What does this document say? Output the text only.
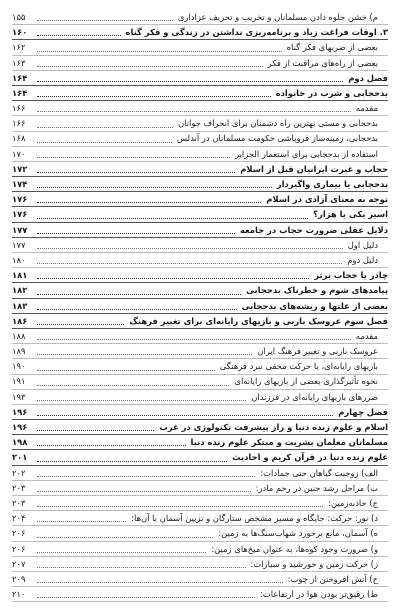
م) خشن جلوه دادن مسلمانان و تخریب و تحریف عزاداری
۱۵۵
۳. اوقات فراغت زیاد و برنامه‌ریزی نداشتن در زندگی و فکر گناه
۱۶۰
بعضی از ضربهای فکر گناه
۱۶۲
بعضی از راه‌های مراقبت از فکر
۱۶۳
فصل دوم
۱۶۴
بدحجابی و شرب در خانواده
۱۶۴
مقدمه
۱۶۶
بدحجابی و مستی بهترین راه دشمنان برای انحراف جوانان
۱۶۶
بدحجابی، زمینه‌ساز فروپاشی حکومت مسلمانان در آندلس
۱۶۸
استفاده از بدحجابی برای استعمار الجزایر
۱۷۰
حجاب و غیرت ایرانیان قبل از اسلام
۱۷۲
بدحجابی یا بیماری واگیردار
۱۷۴
توجه به معنای آزادی در اسلام
۱۷۶
اسیر یکی یا هزار؟
۱۷۶
دلایل عقلی ضرورت حجاب در جامعه
۱۷۷
دلیل اول
۱۷۷
دلیل دوم
۱۸۰
چادر یا حجاب برتر
۱۸۱
پیامدهای شوم و خطرناک بدحجابی
۱۸۲
بعضی از علتها و ریشه‌های بدحجابی
۱۸۳
فصل سوم عروسک باربی و بازیهای رایانه‌ای برای تغییر فرهنگ
۱۸۶
مقدمه
۱۸۸
عروسک باربی و تغییر فرهنگ ایران
۱۸۹
بازیهای رایانه‌ای، یا حرکت مخفی نبرد فرهنگی
۱۹۰
نحوه تأثیرگذاری بعضی از بازیهای رایانه‌ای
۱۹۱
ضررهای بازیهای رایانه‌ای در فرزندان
۱۹۳
فصل چهارم
۱۹۶
اسلام و علوم زنده دنیا و راز پیشرفت تکنولوژی در غرب
۱۹۶
مسلمانان معلمان بشریت و مبتکر علوم زنده دنیا
۱۹۸
علوم زنده دنیا در قرآن کریم و احادیث
۲۰۱
الف) زوجیت گیاهان حتی جمادات:
۲۰۲
ب) مراحل رشد جنین در رحم مادر:
۲۰۳
ج) جاذبه‌زمین:
۲۰۳
د) نور: حرکت: جایگاه و مسیر مشخص ستارگان و تزیین آسمان با آن‌ها:
۲۰۴
ه) آسمان، مانع برخورد شهاب‌سنگ‌ها به زمین:
۲۰۶
و) ضرورت وجود کوه‌ها، به عنوان میخ‌های زمین:
۲۰۶
ز) حرکت زمین و خورشید و سیارات:
۲۰۷
ح) آتش افروختن از چوب:
۲۰۹
ط) رقیق‌تر بودن هوا در ارتفاعات:
۲۱۰
